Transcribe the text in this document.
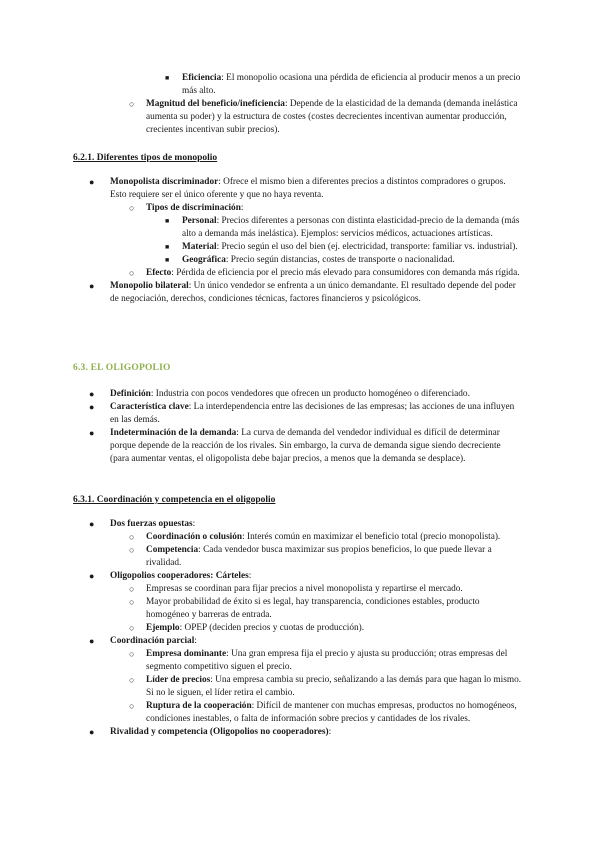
■ Eficiencia: El monopolio ocasiona una pérdida de eficiencia al producir menos a un precio más alto.
○ Magnitud del beneficio/ineficiencia: Depende de la elasticidad de la demanda (demanda inelástica aumenta su poder) y la estructura de costes (costes decrecientes incentivan aumentar producción, crecientes incentivan subir precios).
6.2.1. Diferentes tipos de monopolio
● Monopolista discriminador: Ofrece el mismo bien a diferentes precios a distintos compradores o grupos. Esto requiere ser el único oferente y que no haya reventa.
○ Tipos de discriminación:
■ Personal: Precios diferentes a personas con distinta elasticidad-precio de la demanda (más alto a demanda más inelástica). Ejemplos: servicios médicos, actuaciones artísticas.
■ Material: Precio según el uso del bien (ej. electricidad, transporte: familiar vs. industrial).
■ Geográfica: Precio según distancias, costes de transporte o nacionalidad.
○ Efecto: Pérdida de eficiencia por el precio más elevado para consumidores con demanda más rígida.
● Monopolio bilateral: Un único vendedor se enfrenta a un único demandante. El resultado depende del poder de negociación, derechos, condiciones técnicas, factores financieros y psicológicos.
6.3. EL OLIGOPOLIO
● Definición: Industria con pocos vendedores que ofrecen un producto homogéneo o diferenciado.
● Característica clave: La interdependencia entre las decisiones de las empresas; las acciones de una influyen en las demás.
● Indeterminación de la demanda: La curva de demanda del vendedor individual es difícil de determinar porque depende de la reacción de los rivales. Sin embargo, la curva de demanda sigue siendo decreciente (para aumentar ventas, el oligopolista debe bajar precios, a menos que la demanda se desplace).
6.3.1. Coordinación y competencia en el oligopolio
● Dos fuerzas opuestas:
○ Coordinación o colusión: Interés común en maximizar el beneficio total (precio monopolista).
○ Competencia: Cada vendedor busca maximizar sus propios beneficios, lo que puede llevar a rivalidad.
● Oligopolios cooperadores: Cárteles:
○ Empresas se coordinan para fijar precios a nivel monopolista y repartirse el mercado.
○ Mayor probabilidad de éxito si es legal, hay transparencia, condiciones estables, producto homogéneo y barreras de entrada.
○ Ejemplo: OPEP (deciden precios y cuotas de producción).
● Coordinación parcial:
○ Empresa dominante: Una gran empresa fija el precio y ajusta su producción; otras empresas del segmento competitivo siguen el precio.
○ Líder de precios: Una empresa cambia su precio, señalizando a las demás para que hagan lo mismo. Si no le siguen, el líder retira el cambio.
○ Ruptura de la cooperación: Difícil de mantener con muchas empresas, productos no homogéneos, condiciones inestables, o falta de información sobre precios y cantidades de los rivales.
● Rivalidad y competencia (Oligopolios no cooperadores):
